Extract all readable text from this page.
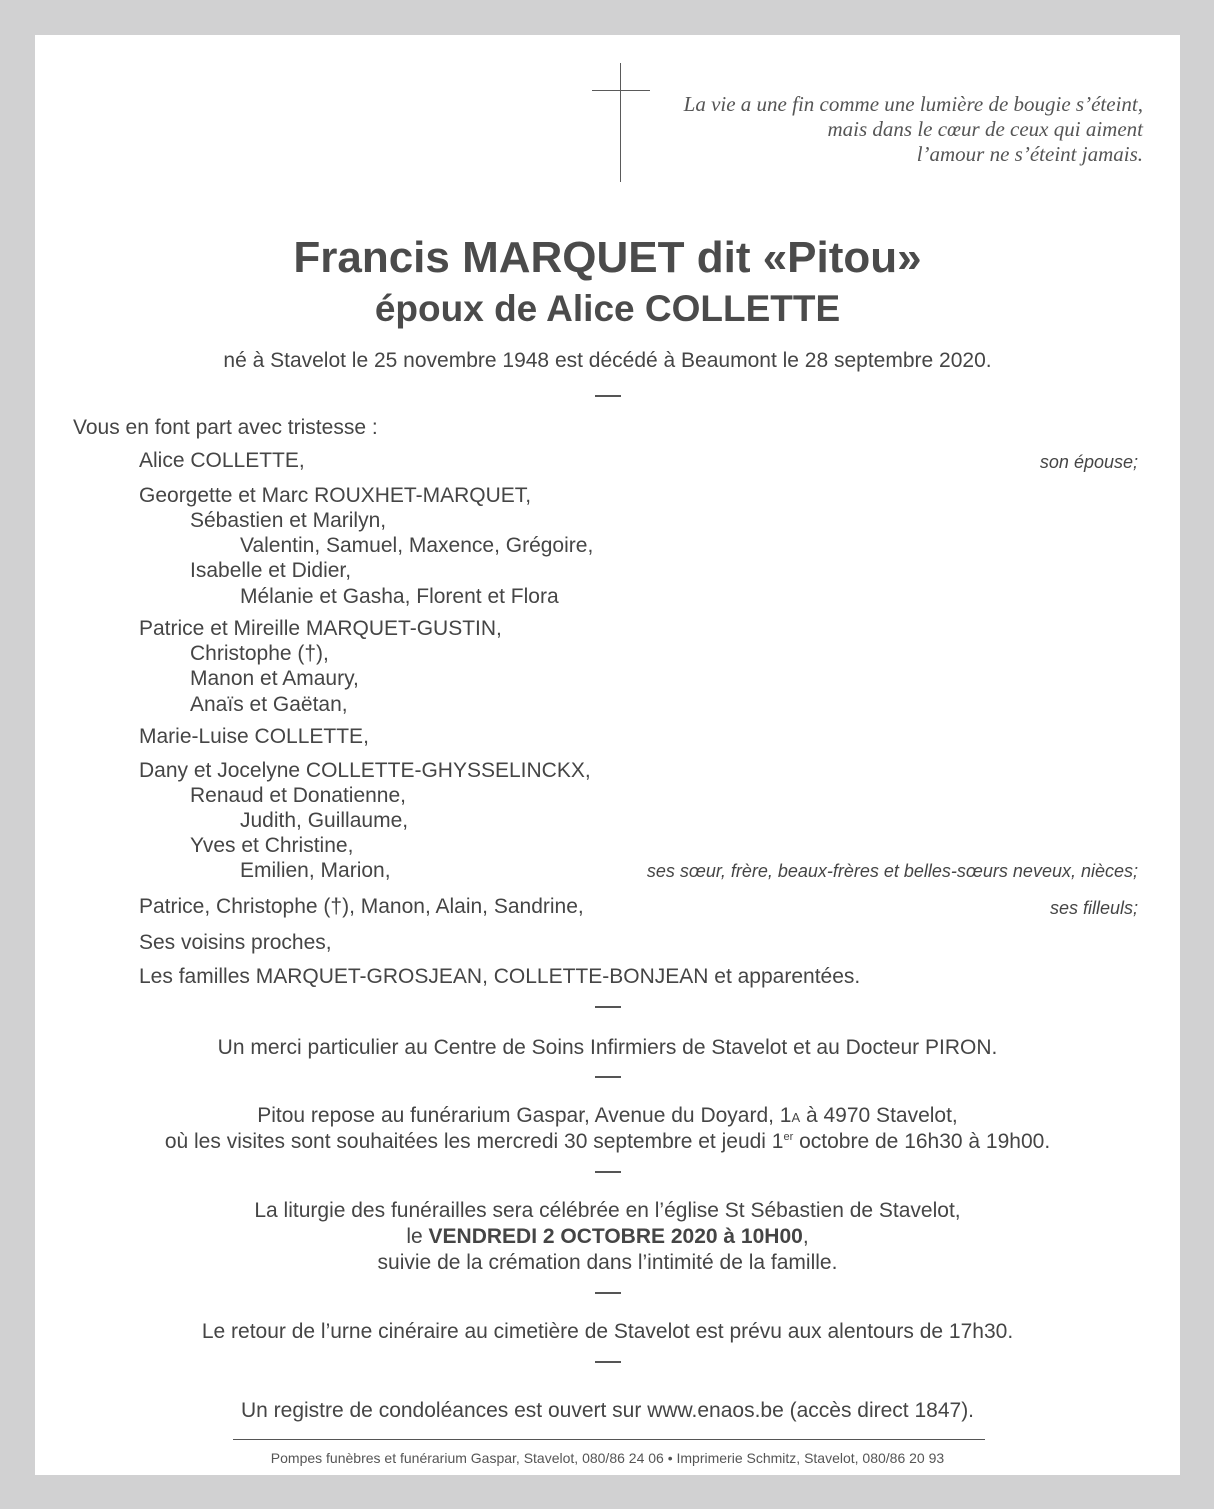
La vie a une fin comme une lumière de bougie s’éteint,
mais dans le cœur de ceux qui aiment
l’amour ne s’éteint jamais.
Francis MARQUET dit «Pitou»
époux de Alice COLLETTE
né à Stavelot le 25 novembre 1948 est décédé à Beaumont le 28 septembre 2020.
Vous en font part avec tristesse :
Alice COLLETTE,	son épouse;
Georgette et Marc ROUXHET-MARQUET,
Sébastien et Marilyn,
Valentin, Samuel, Maxence, Grégoire,
Isabelle et Didier,
Mélanie et Gasha, Florent et Flora
Patrice et Mireille MARQUET-GUSTIN,
Christophe (†),
Manon et Amaury,
Anaïs et Gaëtan,
Marie-Luise COLLETTE,
Dany et Jocelyne COLLETTE-GHYSSELINCKX,
Renaud et Donatienne,
Judith, Guillaume,
Yves et Christine,
Emilien, Marion,	ses sœur, frère, beaux-frères et belles-sœurs neveux, nièces;
Patrice, Christophe (†), Manon, Alain, Sandrine,	ses filleuls;
Ses voisins proches,
Les familles MARQUET-GROSJEAN, COLLETTE-BONJEAN et apparentées.
Un merci particulier au Centre de Soins Infirmiers de Stavelot et au Docteur PIRON.
Pitou repose au funérarium Gaspar, Avenue du Doyard, 1A à 4970 Stavelot,
où les visites sont souhaitées les mercredi 30 septembre et jeudi 1er octobre de 16h30 à 19h00.
La liturgie des funérailles sera célébrée en l’église St Sébastien de Stavelot,
le VENDREDI 2 OCTOBRE 2020 à 10H00,
suivie de la crémation dans l’intimité de la famille.
Le retour de l’urne cinéraire au cimetière de Stavelot est prévu aux alentours de 17h30.
Un registre de condoléances est ouvert sur www.enaos.be (accès direct 1847).
Pompes funèbres et funérarium Gaspar, Stavelot, 080/86 24 06 • Imprimerie Schmitz, Stavelot, 080/86 20 93
